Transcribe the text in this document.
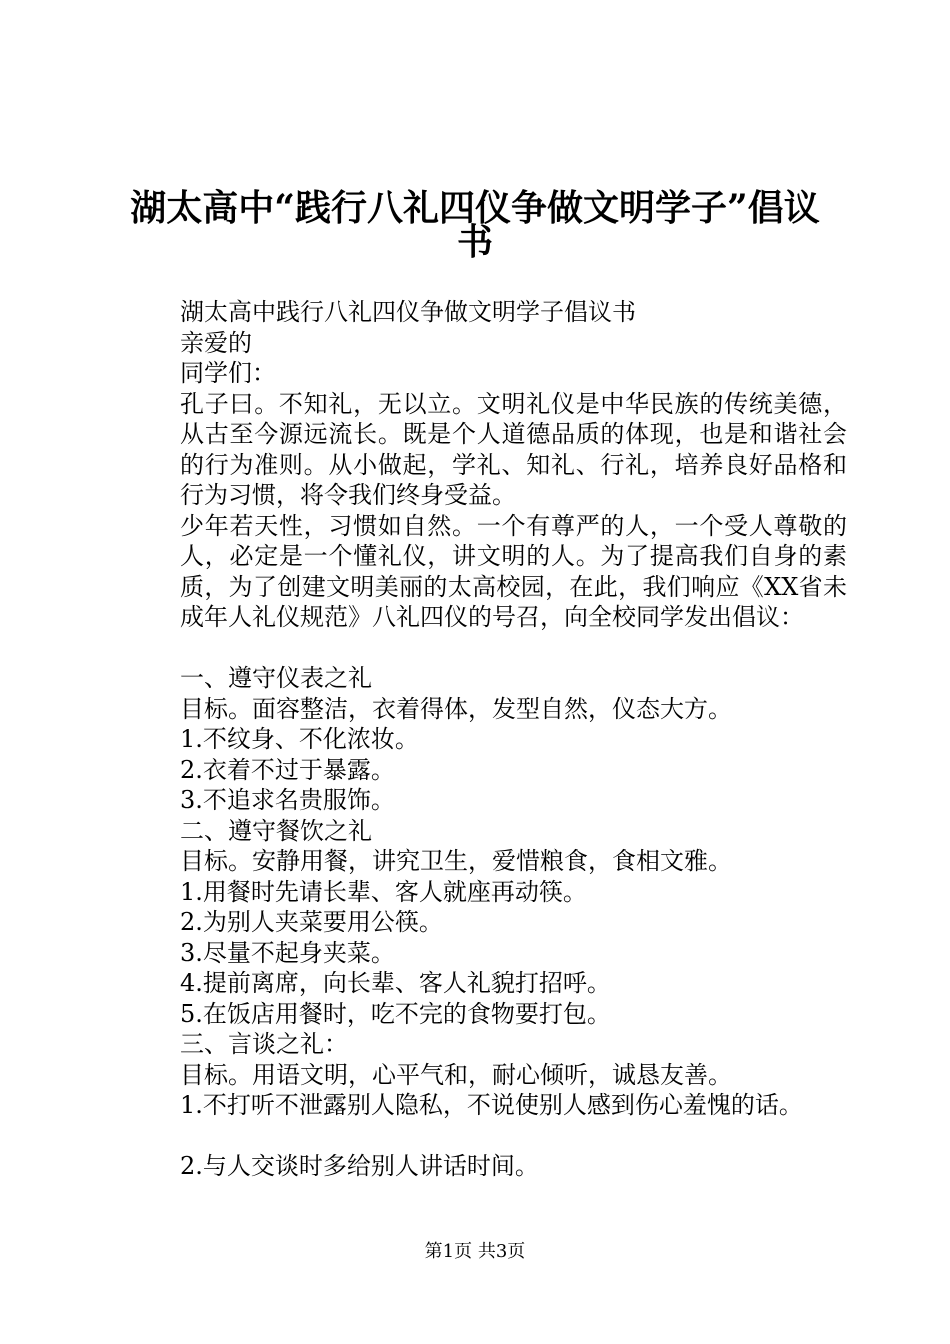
湖太高中“践行八礼四仪争做文明学子”倡议
书

湖太高中践行八礼四仪争做文明学子倡议书

亲爱的

同学们：

孔子曰。不知礼，无以立。文明礼仪是中华民族的传统美德，从古至今源远流长。既是个人道德品质的体现，也是和谐社会的行为准则。从小做起，学礼、知礼、行礼，培养良好品格和行为习惯，将令我们终身受益。

少年若天性，习惯如自然。一个有尊严的人，一个受人尊敬的人，必定是一个懂礼仪，讲文明的人。为了提高我们自身的素质，为了创建文明美丽的太高校园，在此，我们响应《XX省未成年人礼仪规范》八礼四仪的号召，向全校同学发出倡议：

一、遵守仪表之礼

目标。面容整洁，衣着得体，发型自然，仪态大方。

1.不纹身、不化浓妆。

2.衣着不过于暴露。

3.不追求名贵服饰。

二、遵守餐饮之礼

目标。安静用餐，讲究卫生，爱惜粮食，食相文雅。

1.用餐时先请长辈、客人就座再动筷。

2.为别人夹菜要用公筷。

3.尽量不起身夹菜。

4.提前离席，向长辈、客人礼貌打招呼。

5.在饭店用餐时，吃不完的食物要打包。

三、言谈之礼：

目标。用语文明，心平气和，耐心倾听，诚恳友善。

1.不打听不泄露别人隐私，不说使别人感到伤心羞愧的话。

2.与人交谈时多给别人讲话时间。

第1页 共3页
